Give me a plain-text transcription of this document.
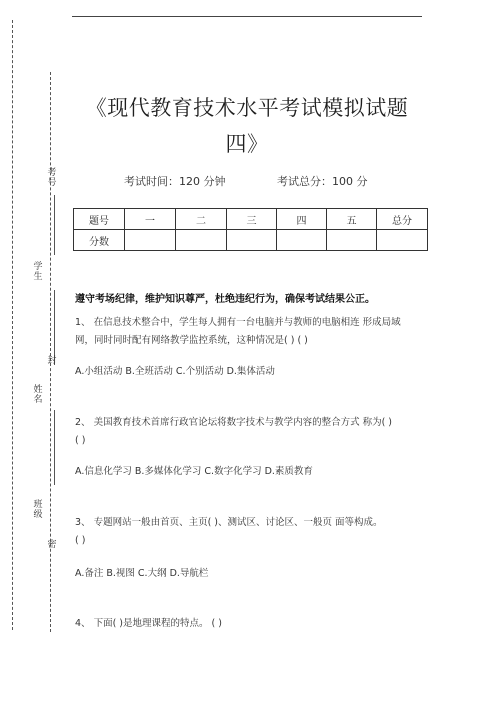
考号
学生
封
姓名
班级
密
《现代教育技术水平考试模拟试题
四》
考试时间：120 分钟	考试总分：100 分
题号	一	二	三	四	五	总分
分数						
遵守考场纪律，维护知识尊严，杜绝违纪行为，确保考试结果公正。
1、 在信息技术整合中，学生每人拥有一台电脑并与教师的电脑相连 形成局域
网，同时同时配有网络教学监控系统，这种情况是( ) ( )
A.小组活动 B.全班活动 C.个别活动 D.集体活动
2、 美国教育技术首席行政官论坛将数字技术与教学内容的整合方式 称为( )
( )
A.信息化学习 B.多媒体化学习 C.数字化学习 D.素质教育
3、 专题网站一般由首页、主页( )、测试区、讨论区、一般页 面等构成。
( )
A.备注 B.视图 C.大纲 D.导航栏
4、 下面( )是地理课程的特点。 ( )
